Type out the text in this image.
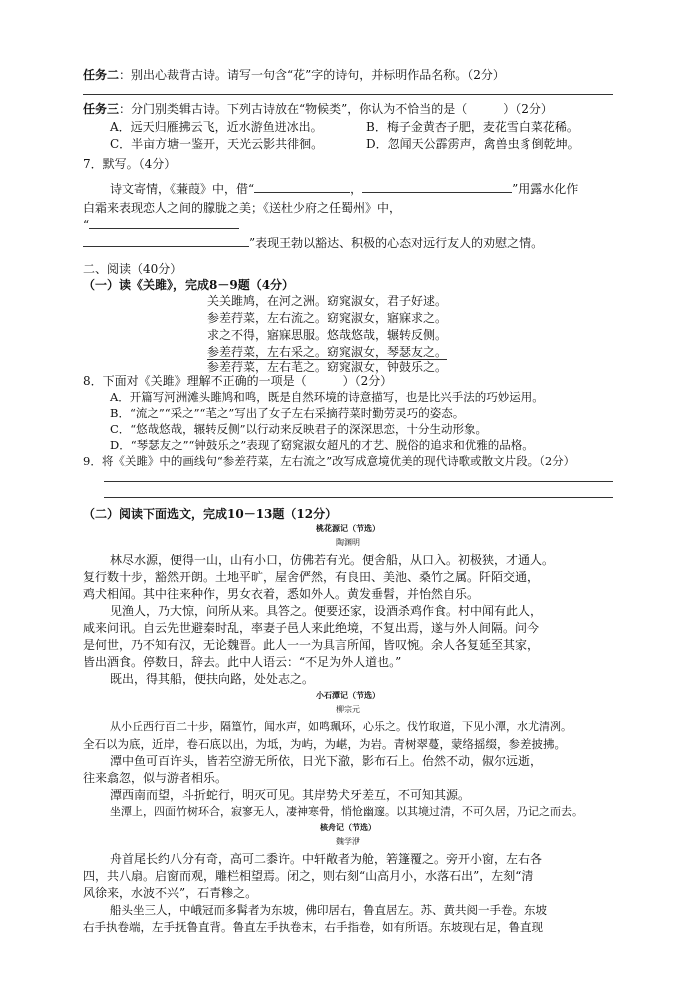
任务二：别出心裁背古诗。请写一句含“花”字的诗句，并标明作品名称。（2分）
任务三：分门别类辑古诗。下列古诗放在“物候类”，你认为不恰当的是（　　　）（2分）
A．远天归雁拂云飞，近水游鱼迸冰出。	B．梅子金黄杏子肥，麦花雪白菜花稀。
C．半亩方塘一鉴开，天光云影共徘徊。	D．忽闻天公霹雳声，禽兽虫豸倒乾坤。
7．默写。（4分）
诗文寄情，《蒹葭》中，借“	，	”用露水化作
白霜来表现恋人之间的朦胧之美；《送杜少府之任蜀州》中，
“
”表现王勃以豁达、积极的心态对远行友人的劝慰之情。
二、阅读（40分）
（一）读《关雎》，完成8－9题（4分）
关关雎鸠，在河之洲。窈窕淑女，君子好逑。
参差荇菜，左右流之。窈窕淑女，寤寐求之。
求之不得，寤寐思服。悠哉悠哉，辗转反侧。
参差荇菜，左右采之。窈窕淑女，琴瑟友之。
参差荇菜，左右芼之。窈窕淑女，钟鼓乐之。
8．下面对《关雎》理解不正确的一项是（　　　）（2分）
A．开篇写河洲滩头雎鸠和鸣，既是自然环境的诗意描写，也是比兴手法的巧妙运用。
B．“流之”“采之”“芼之”写出了女子左右采摘荇菜时勤劳灵巧的姿态。
C．“悠哉悠哉，辗转反侧”以行动来反映君子的深深思恋，十分生动形象。
D．“琴瑟友之”“钟鼓乐之”表现了窈窕淑女超凡的才艺、脱俗的追求和优雅的品格。
9．将《关雎》中的画线句“参差荇菜，左右流之”改写成意境优美的现代诗歌或散文片段。（2分）
（二）阅读下面选文，完成10－13题（12分）
桃花源记（节选）
陶渊明
林尽水源，便得一山，山有小口，仿佛若有光。便舍船，从口入。初极狭，才通人。
复行数十步，豁然开朗。土地平旷，屋舍俨然，有良田、美池、桑竹之属。阡陌交通，
鸡犬相闻。其中往来种作，男女衣着，悉如外人。黄发垂髫，并怡然自乐。
见渔人，乃大惊，问所从来。具答之。便要还家，设酒杀鸡作食。村中闻有此人，
咸来问讯。自云先世避秦时乱，率妻子邑人来此绝境，不复出焉，遂与外人间隔。问今
是何世，乃不知有汉，无论魏晋。此人一一为具言所闻，皆叹惋。余人各复延至其家，
皆出酒食。停数日，辞去。此中人语云：“不足为外人道也。”
既出，得其船，便扶向路，处处志之。
小石潭记（节选）
柳宗元
从小丘西行百二十步，隔篁竹，闻水声，如鸣珮环，心乐之。伐竹取道，下见小潭，水尤清冽。
全石以为底，近岸，卷石底以出，为坻，为屿，为嵁，为岩。青树翠蔓，蒙络摇缀，参差披拂。
潭中鱼可百许头，皆若空游无所依，日光下澈，影布石上。佁然不动，俶尔远逝，
往来翕忽，似与游者相乐。
潭西南而望，斗折蛇行，明灭可见。其岸势犬牙差互，不可知其源。
坐潭上，四面竹树环合，寂寥无人，凄神寒骨，悄怆幽邃。以其境过清，不可久居，乃记之而去。
核舟记（节选）
魏学洢
舟首尾长约八分有奇，高可二黍许。中轩敞者为舱，箬篷覆之。旁开小窗，左右各
四，共八扇。启窗而观，雕栏相望焉。闭之，则右刻“山高月小，水落石出”，左刻“清
风徐来，水波不兴”，石青糁之。
船头坐三人，中峨冠而多髯者为东坡，佛印居右，鲁直居左。苏、黄共阅一手卷。东坡
右手执卷端，左手抚鲁直背。鲁直左手执卷末，右手指卷，如有所语。东坡现右足，鲁直现
